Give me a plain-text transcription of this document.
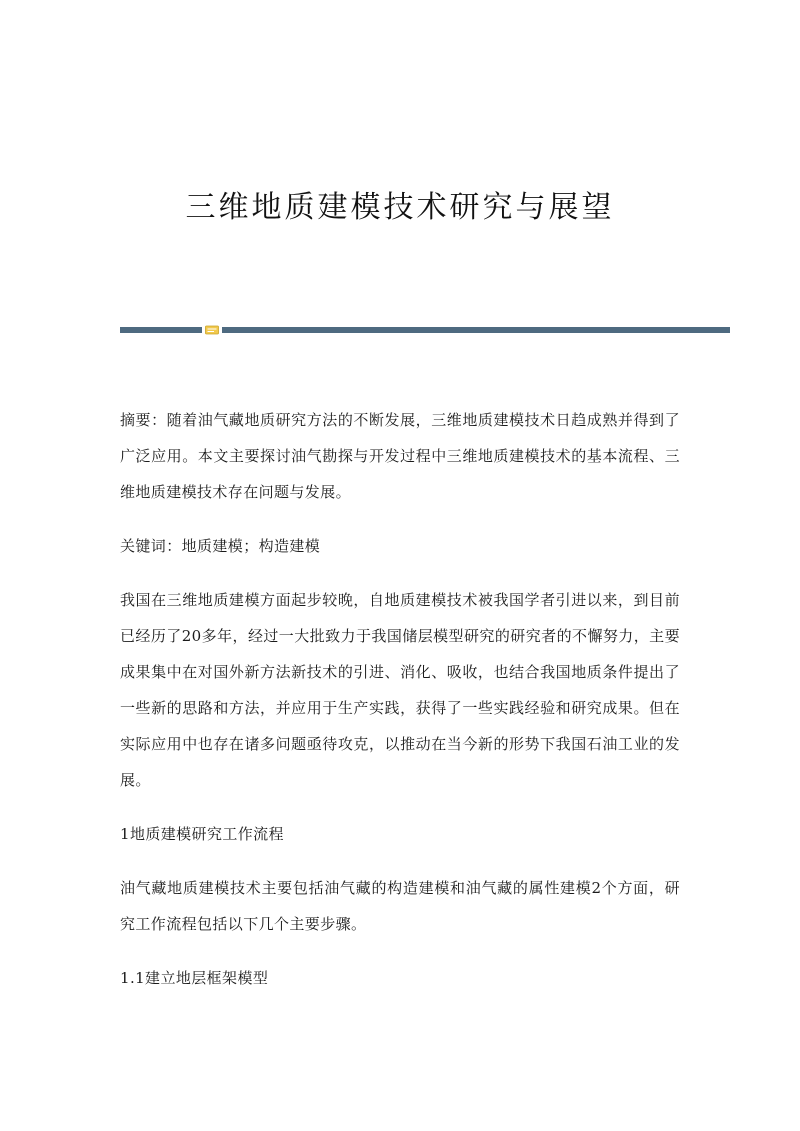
三维地质建模技术研究与展望

摘要：随着油气藏地质研究方法的不断发展，三维地质建模技术日趋成熟并得到了广泛应用。本文主要探讨油气勘探与开发过程中三维地质建模技术的基本流程、三维地质建模技术存在问题与发展。

关键词：地质建模；构造建模

我国在三维地质建模方面起步较晚，自地质建模技术被我国学者引进以来，到目前已经历了20多年，经过一大批致力于我国储层模型研究的研究者的不懈努力，主要成果集中在对国外新方法新技术的引进、消化、吸收，也结合我国地质条件提出了一些新的思路和方法，并应用于生产实践，获得了一些实践经验和研究成果。但在实际应用中也存在诸多问题亟待攻克，以推动在当今新的形势下我国石油工业的发展。

1地质建模研究工作流程

油气藏地质建模技术主要包括油气藏的构造建模和油气藏的属性建模2个方面，研究工作流程包括以下几个主要步骤。

1.1建立地层框架模型
